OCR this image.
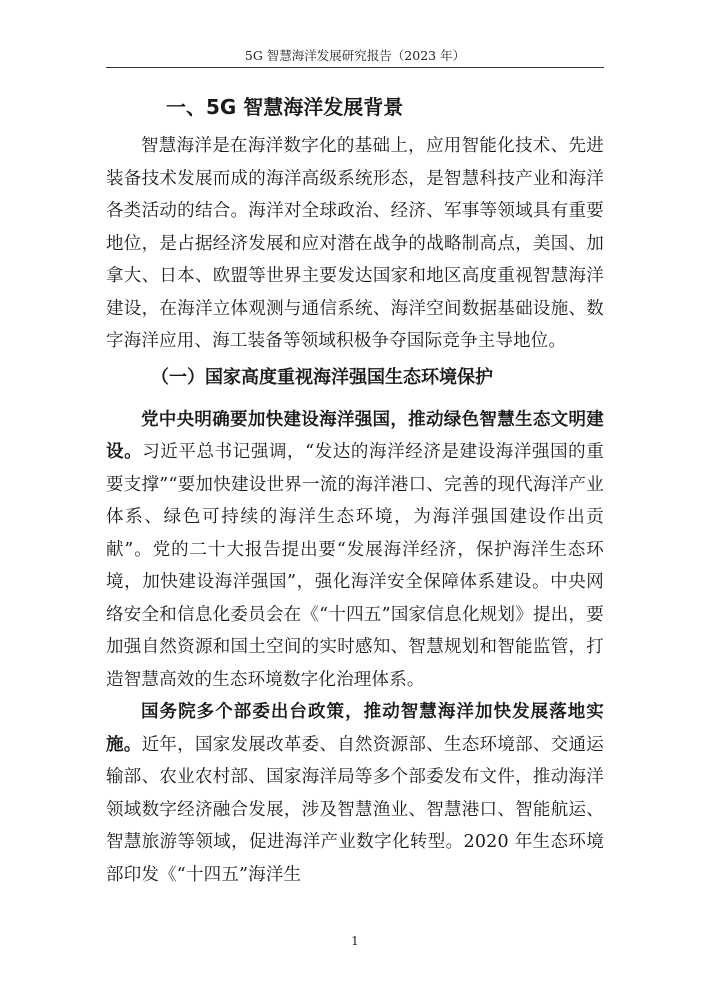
5G 智慧海洋发展研究报告（2023 年）
一、5G 智慧海洋发展背景

智慧海洋是在海洋数字化的基础上，应用智能化技术、先进装备技术发展而成的海洋高级系统形态，是智慧科技产业和海洋各类活动的结合。海洋对全球政治、经济、军事等领域具有重要地位，是占据经济发展和应对潜在战争的战略制高点，美国、加拿大、日本、欧盟等世界主要发达国家和地区高度重视智慧海洋建设，在海洋立体观测与通信系统、海洋空间数据基础设施、数字海洋应用、海工装备等领域积极争夺国际竞争主导地位。

（一）国家高度重视海洋强国生态环境保护

党中央明确要加快建设海洋强国，推动绿色智慧生态文明建设。习近平总书记强调，“发达的海洋经济是建设海洋强国的重要支撑”“要加快建设世界一流的海洋港口、完善的现代海洋产业体系、绿色可持续的海洋生态环境，为海洋强国建设作出贡献”。党的二十大报告提出要“发展海洋经济，保护海洋生态环境，加快建设海洋强国”，强化海洋安全保障体系建设。中央网络安全和信息化委员会在《“十四五”国家信息化规划》提出，要加强自然资源和国土空间的实时感知、智慧规划和智能监管，打造智慧高效的生态环境数字化治理体系。

国务院多个部委出台政策，推动智慧海洋加快发展落地实施。近年，国家发展改革委、自然资源部、生态环境部、交通运输部、农业农村部、国家海洋局等多个部委发布文件，推动海洋领域数字经济融合发展，涉及智慧渔业、智慧港口、智能航运、智慧旅游等领域，促进海洋产业数字化转型。2020 年生态环境部印发《“十四五”海洋生

1
